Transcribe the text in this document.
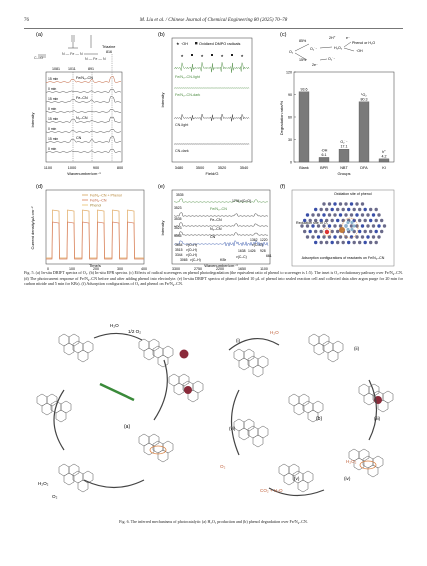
76	M. Liu et al. / Chinese Journal of Chemical Engineering 80 (2025) 70–78
(a)
C—O
N — Fe — N
N — Fe — N
1081 1011	891
Triazine
816
15 min
0 min
15 min
0 min
15 min
0 min
15 min
0 min
Fe/N₄–CN
Fe–CN
N₄–CN
CN
Intensity
1100	1000	900	800
Wavenumber/cm⁻¹
(b)
★ ·OH	Oxidized DMPO radicals
★	★	★	★
Fe/N₄–CN-light
Fe/N₄–CN-dark
CN-light
CN-dark
Intensity
3480	3500	3520	3540
Field/G
(c)
85%
15%
O₂
O₂˙⁻
2H⁺
H₂O₂
e⁻
Phenol or H₂O
·OH
O₂˙⁻
2e⁻
93.6
6.1
·OH
17.1
O₂˙⁻
80.3
¹O₂
4.2
h⁺
0
30
60
90
120
Blank	BPR	NBT	DFA	KI
Degradation rate/%
Groups
(d)
Fe/N₄–CN + Phenol
Fe/N₄–CN
Phenol
Current density/μA cm⁻²
0	100	200	300	400
Time/s
(e)
3535
3523
3535
3523
3535
1744 ν(C=O)
1362 1220
ν(C–O)
3654
3515
3344
3065
1638 1426 928
661
ν(O–H)
ν(O–H)
ν(O–H)
ν(C–H)
ν(C–C)
Fe/N₄–CN
Fe–CN
N₄–CN
CN
KBr
Intensity
3300	2750	2200	1650	1100
Wavenumber/cm⁻¹
(f)
Oxidation site of phenol
Reduction site of O₂
Adsorption configurations of reactants on Fe/N₄–CN
Fig. 5. (a) In-situ DRIFT spectra of O₂. (b) In-situ EPR spectra. (c) Effects of radical scavengers on phenol photodegradation (the equivalent ratio of phenol to scavenger is 1:5). The inset is O₂ evolutionary pathway over Fe/N₄–CN. (d) The photocurrent response of Fe/N₄–CN before and after adding phenol into electrolyte. (e) In-situ DRIFT spectra of phenol (added 10 μL of phenol into sealed reaction cell and collected data after argon purge for 20 min for carbon nitride and 5 min for KBr). (f) Adsorption configurations of O₂ and phenol on Fe/N₄–CN.
H₂O
1/2 O₂
(a)
(b)
H₂O₂
O₂
H₂O
O₂
H₂O₂
CO₂ + H₂O
(i)
(ii)
(iii)
(iv)
(v)
(vi)
Fig. 6. The inferred mechanisms of photocatalytic (a) H₂O₂ production and (b) phenol degradation over Fe/N₄–CN.
